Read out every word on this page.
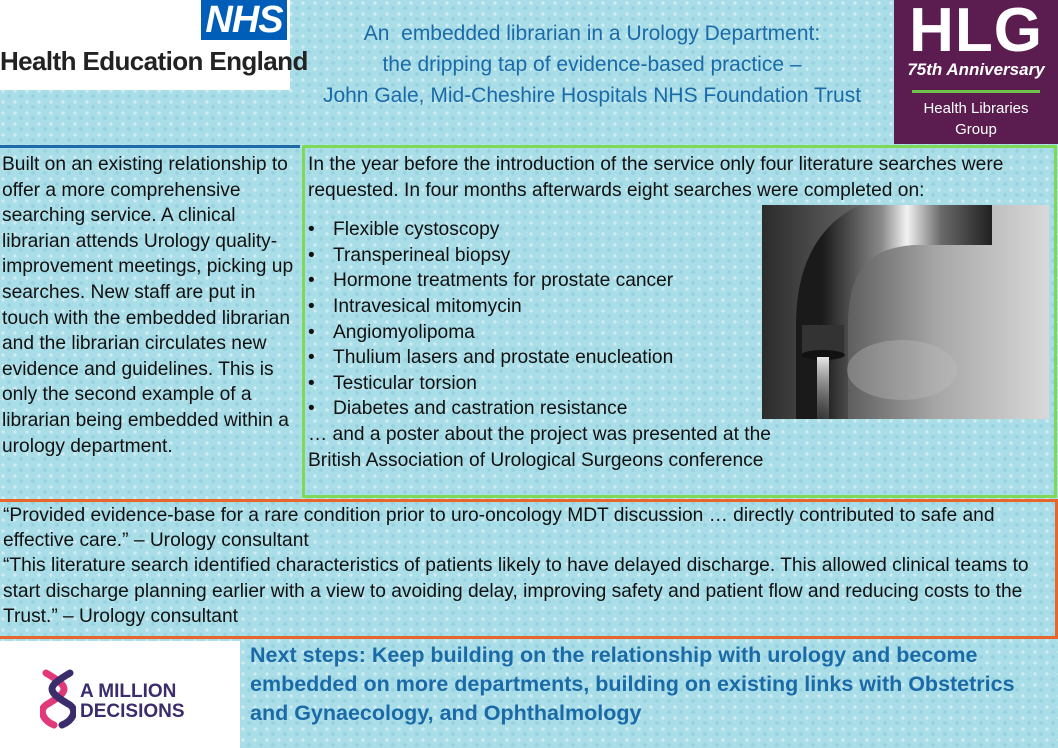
NHS
Health Education England
An  embedded librarian in a Urology Department:
the dripping tap of evidence-based practice –
John Gale, Mid-Cheshire Hospitals NHS Foundation Trust
HLG
75th Anniversary
Health Libraries
Group
Built on an existing relationship to offer a more comprehensive searching service. A clinical librarian attends Urology quality-improvement meetings, picking up searches. New staff are put in touch with the embedded librarian and the librarian circulates new evidence and guidelines. This is only the second example of a librarian being embedded within a urology department.
In the year before the introduction of the service only four literature searches were requested. In four months afterwards eight searches were completed on:
• Flexible cystoscopy
• Transperineal biopsy
• Hormone treatments for prostate cancer
• Intravesical mitomycin
• Angiomyolipoma
• Thulium lasers and prostate enucleation
• Testicular torsion
• Diabetes and castration resistance
… and a poster about the project was presented at the
British Association of Urological Surgeons conference

“Provided evidence-base for a rare condition prior to uro-oncology MDT discussion … directly contributed to safe and effective care.” – Urology consultant

“This literature search identified characteristics of patients likely to have delayed discharge. This allowed clinical teams to start discharge planning earlier with a view to avoiding delay, improving safety and patient flow and reducing costs to the Trust.” – Urology consultant

A MILLION
DECISIONS
Next steps: Keep building on the relationship with urology and become embedded on more departments, building on existing links with Obstetrics and Gynaecology, and Ophthalmology
